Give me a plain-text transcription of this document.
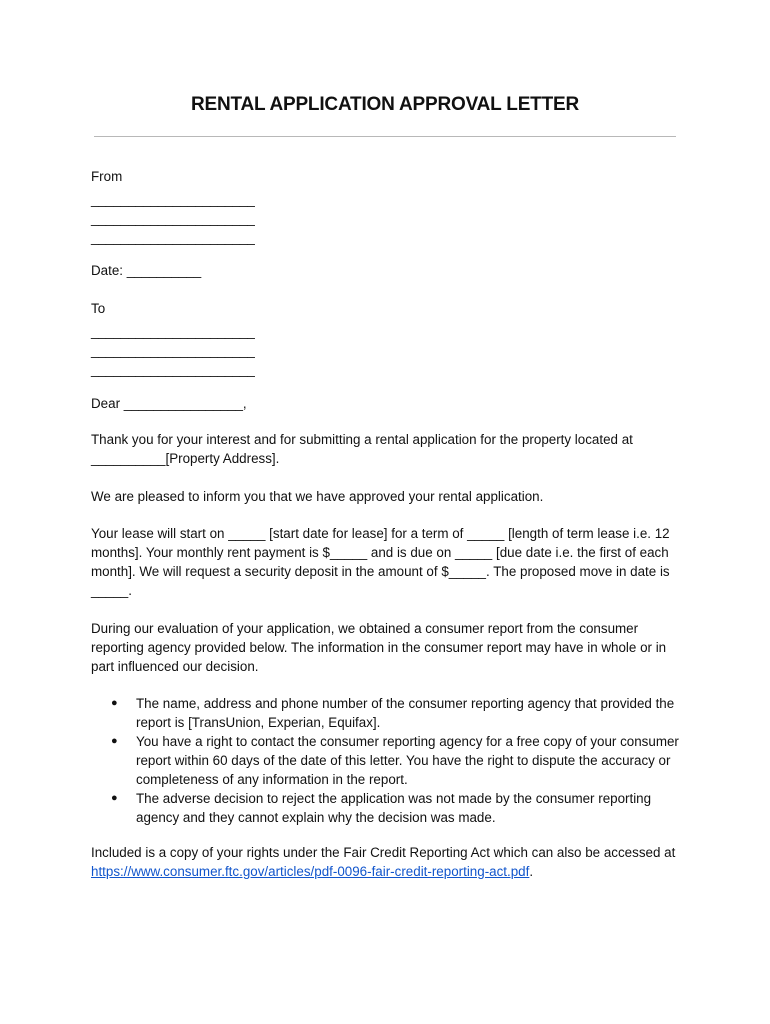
RENTAL APPLICATION APPROVAL LETTER
From
______________________
______________________
______________________
Date: __________
To
______________________
______________________
______________________
Dear ________________,
Thank you for your interest and for submitting a rental application for the property located at __________[Property Address].
We are pleased to inform you that we have approved your rental application.
Your lease will start on _____ [start date for lease] for a term of _____ [length of term lease i.e. 12 months]. Your monthly rent payment is $_____ and is due on _____ [due date i.e. the first of each month]. We will request a security deposit in the amount of $_____. The proposed move in date is _____.
During our evaluation of your application, we obtained a consumer report from the consumer reporting agency provided below. The information in the consumer report may have in whole or in part influenced our decision.
● The name, address and phone number of the consumer reporting agency that provided the report is [TransUnion, Experian, Equifax].
● You have a right to contact the consumer reporting agency for a free copy of your consumer report within 60 days of the date of this letter. You have the right to dispute the accuracy or completeness of any information in the report.
● The adverse decision to reject the application was not made by the consumer reporting agency and they cannot explain why the decision was made.
Included is a copy of your rights under the Fair Credit Reporting Act which can also be accessed at https://www.consumer.ftc.gov/articles/pdf-0096-fair-credit-reporting-act.pdf.
